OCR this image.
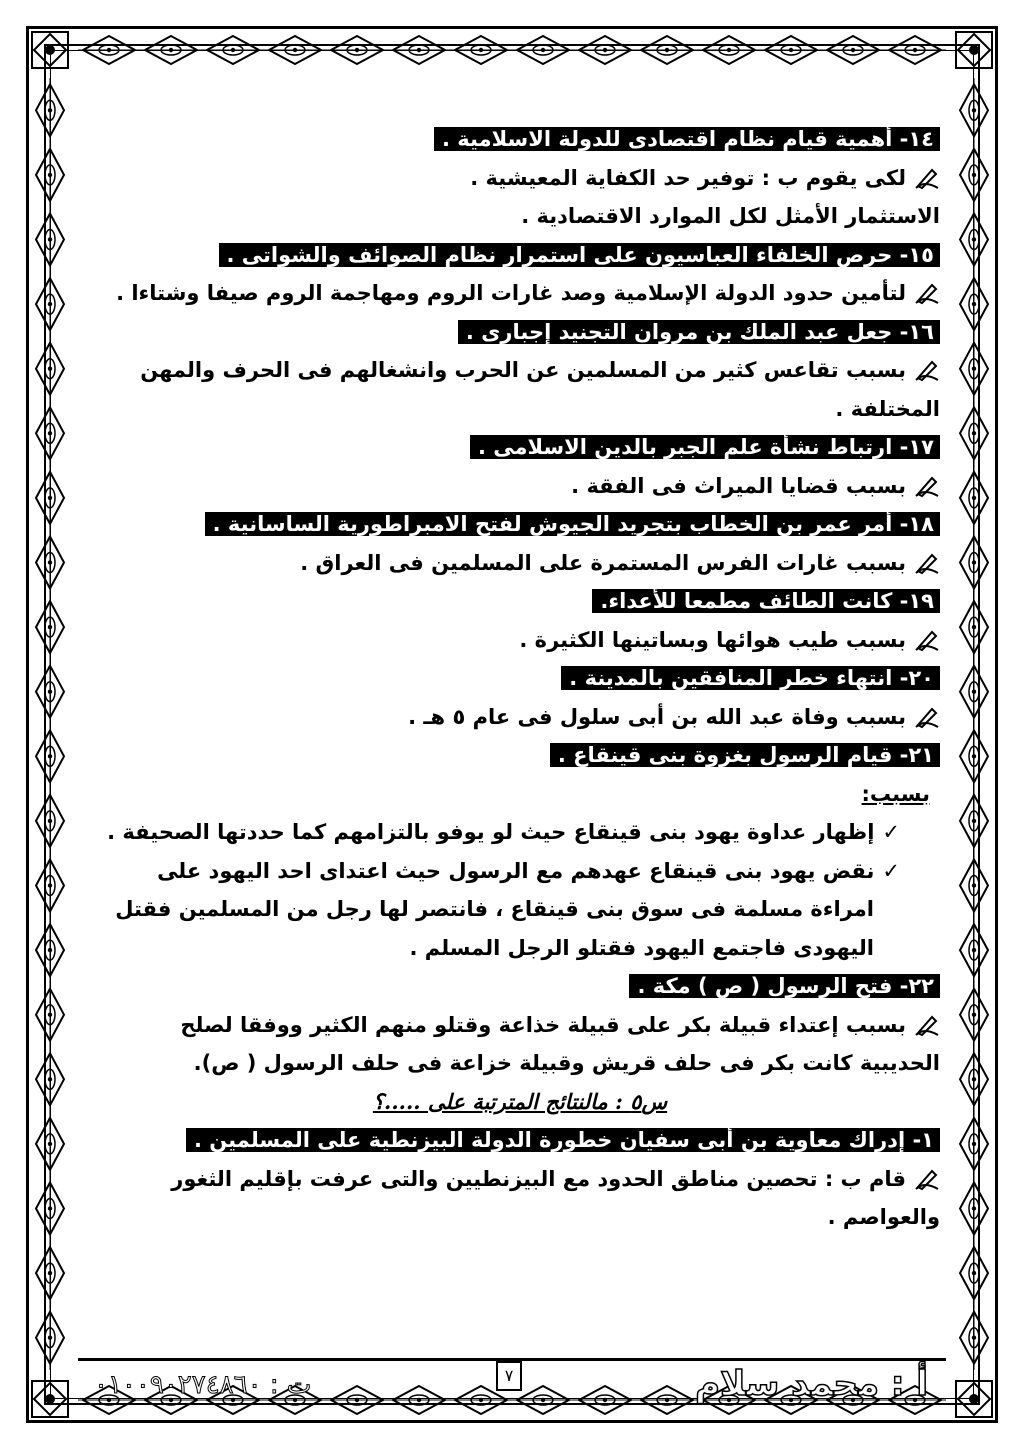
١٤- أهمية قيام نظام اقتصادى للدولة الاسلامية .
لكى يقوم ب : توفير حد الكفاية المعيشية .
الاستثمار الأمثل لكل الموارد الاقتصادية .
١٥- حرص الخلفاء العباسيون على استمرار نظام الصوائف والشواتى .
لتأمين حدود الدولة الإسلامية وصد غارات الروم ومهاجمة الروم صيفا وشتاءا .
١٦- جعل عبد الملك بن مروان التجنيد إجبارى .
بسبب تقاعس كثير من المسلمين عن الحرب وانشغالهم فى الحرف والمهن
المختلفة .
١٧- ارتباط نشأة علم الجبر بالدين الاسلامى .
بسبب قضايا الميراث فى الفقة .
١٨- أمر عمر بن الخطاب بتجريد الجيوش لفتح الامبراطورية الساسانية .
بسبب غارات الفرس المستمرة على المسلمين فى العراق .
١٩- كانت الطائف مطمعا للأعداء.
بسبب طيب هوائها وبساتينها الكثيرة .
٢٠- انتهاء خطر المنافقين بالمدينة .
بسبب وفاة عبد الله بن أبى سلول فى عام ٥ هـ .
٢١- قيام الرسول بغزوة بنى قينقاع .
بسبب:
✓إظهار عداوة يهود بنى قينقاع حيث لو يوفو بالتزامهم كما حددتها الصحيفة .
✓نقض يهود بنى قينقاع عهدهم مع الرسول حيث اعتداى احد اليهود على
امراءة مسلمة فى سوق بنى قينقاع ، فانتصر لها رجل من المسلمين فقتل
اليهودى فاجتمع اليهود فقتلو الرجل المسلم .
٢٢- فتح الرسول ( ص ) مكة .
بسبب إعتداء قبيلة بكر على قبيلة خذاعة وقتلو منهم الكثير ووفقا لصلح
الحديبية كانت بكر فى حلف قريش وقبيلة خزاعة فى حلف الرسول ( ص).
س٥ : مالنتائج المترتبة على .....؟
١- إدراك معاوية بن أبى سفيان خطورة الدولة البيزنطية على المسلمين .
قام ب : تحصين مناطق الحدود مع البيزنطيين والتى عرفت بإقليم الثغور
والعواصم .
أ : محمد سلام
٧
ت : ٠١٠٠٩٠٢٧٤٨٦٠
